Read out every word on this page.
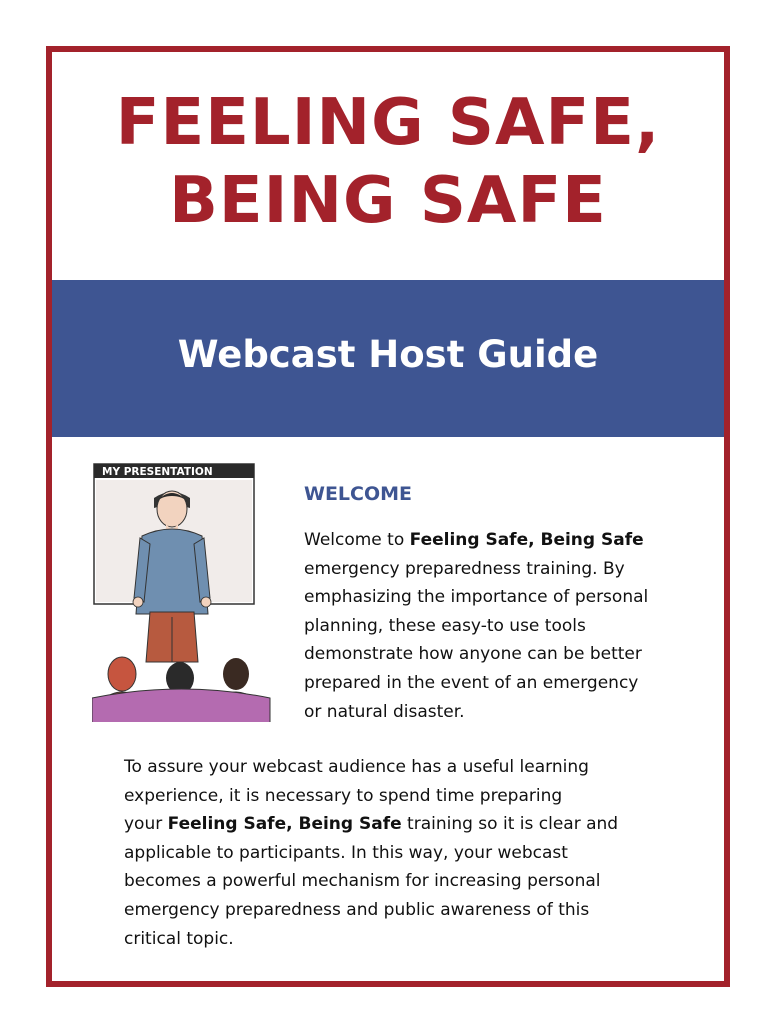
FEELING SAFE,
BEING SAFE
Webcast Host Guide
MY PRESENTATION
WELCOME
Welcome to Feeling Safe, Being Safe
emergency preparedness training. By
emphasizing the importance of personal
planning, these easy-to use tools
demonstrate how anyone can be better
prepared in the event of an emergency
or natural disaster.
To assure your webcast audience has a useful learning
experience, it is necessary to spend time preparing
your Feeling Safe, Being Safe training so it is clear and
applicable to participants. In this way, your webcast
becomes a powerful mechanism for increasing personal
emergency preparedness and public awareness of this
critical topic.
